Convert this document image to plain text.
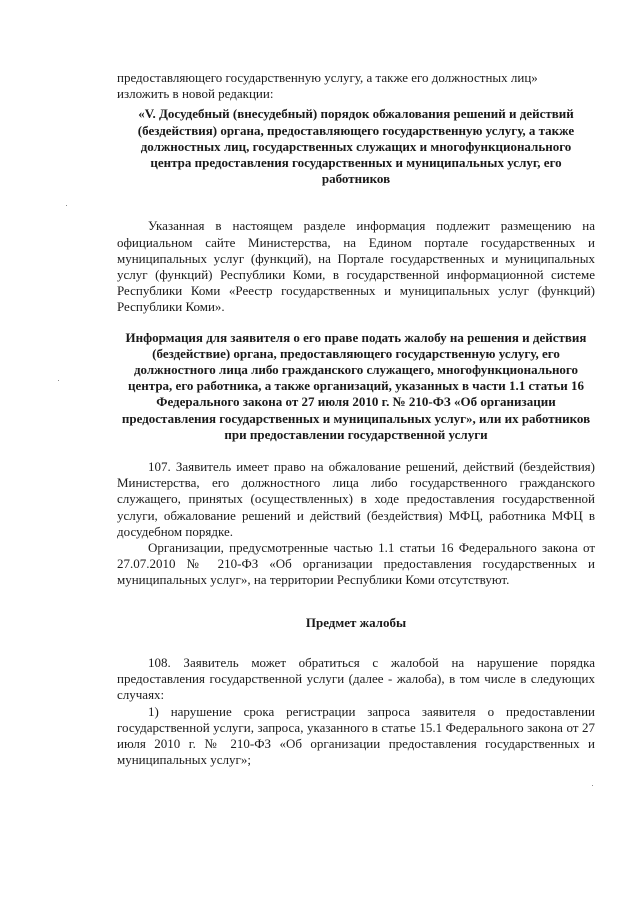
предоставляющего государственную услугу, а также его должностных лиц»

изложить в новой редакции:

«V. Досудебный (внесудебный) порядок обжалования решений и действий (бездействия) органа, предоставляющего государственную услугу, а также должностных лиц, государственных служащих и многофункционального центра предоставления государственных и муниципальных услуг, его работников

Указанная в настоящем разделе информация подлежит размещению на официальном сайте Министерства, на Едином портале государственных и муниципальных услуг (функций), на Портале государственных и муниципальных услуг (функций) Республики Коми, в государственной информационной системе Республики Коми «Реестр государственных и муниципальных услуг (функций) Республики Коми».

Информация для заявителя о его праве подать жалобу на решения и действия (бездействие) органа, предоставляющего государственную услугу, его должностного лица либо гражданского служащего, многофункционального центра, его работника, а также организаций, указанных в части 1.1 статьи 16 Федерального закона от 27 июля 2010 г. № 210-ФЗ «Об организации предоставления государственных и муниципальных услуг», или их работников при предоставлении государственной услуги

107. Заявитель имеет право на обжалование решений, действий (бездействия) Министерства, его должностного лица либо государственного гражданского служащего, принятых (осуществленных) в ходе предоставления государственной услуги, обжалование решений и действий (бездействия) МФЦ, работника МФЦ в досудебном порядке.

Организации, предусмотренные частью 1.1 статьи 16 Федерального закона от 27.07.2010 № 210-ФЗ «Об организации предоставления государственных и муниципальных услуг», на территории Республики Коми отсутствуют.

Предмет жалобы

108. Заявитель может обратиться с жалобой на нарушение порядка предоставления государственной услуги (далее - жалоба), в том числе в следующих случаях:

1) нарушение срока регистрации запроса заявителя о предоставлении государственной услуги, запроса, указанного в статье 15.1 Федерального закона от 27 июля 2010 г. № 210-ФЗ «Об организации предоставления государственных и муниципальных услуг»;
